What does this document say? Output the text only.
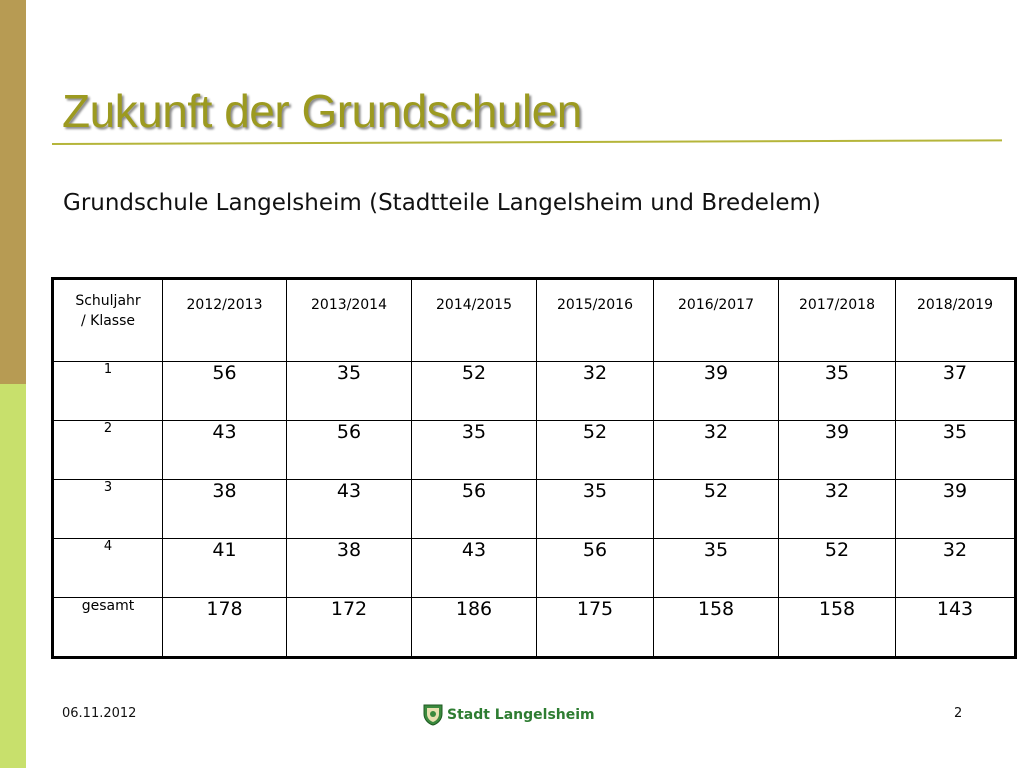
Zukunft der Grundschulen
Grundschule Langelsheim (Stadtteile Langelsheim und Bredelem)
Schuljahr
/ Klasse	2012/2013	2013/2014	2014/2015	2015/2016	2016/2017	2017/2018	2018/2019
1	56	35	52	32	39	35	37
2	43	56	35	52	32	39	35
3	38	43	56	35	52	32	39
4	41	38	43	56	35	52	32
gesamt	178	172	186	175	158	158	143
06.11.2012	Stadt Langelsheim	2
